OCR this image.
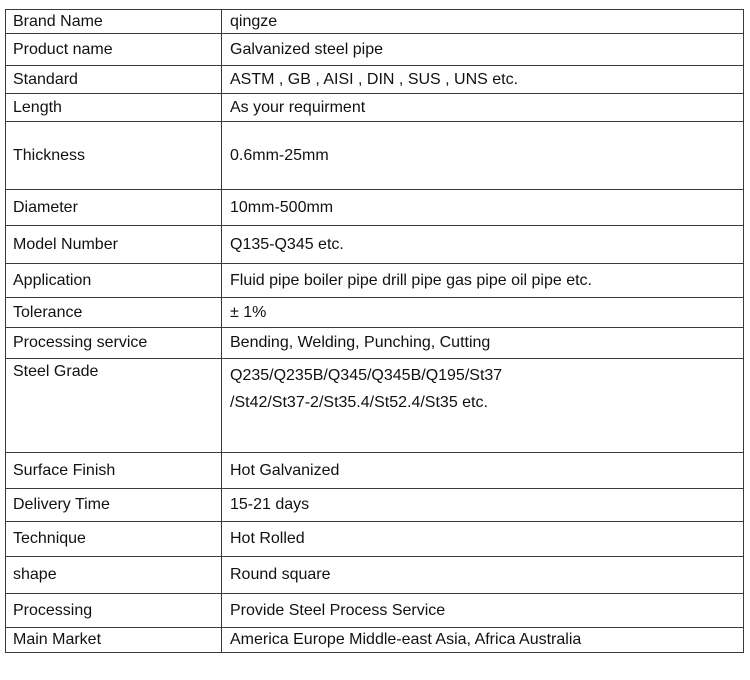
Brand Name	qingze
Product name	Galvanized steel pipe
Standard	ASTM , GB , AISI , DIN , SUS , UNS etc.
Length	As your requirment
Thickness	0.6mm-25mm
Diameter	10mm-500mm
Model Number	Q135-Q345 etc.
Application	Fluid pipe boiler pipe drill pipe gas pipe oil pipe etc.
Tolerance	± 1%
Processing service	Bending, Welding, Punching, Cutting
Steel Grade	Q235/Q235B/Q345/Q345B/Q195/St37
/St42/St37-2/St35.4/St52.4/St35 etc.

Surface Finish	Hot Galvanized
Delivery Time	15-21 days
Technique	Hot Rolled
shape	Round square
Processing	Provide Steel Process Service
Main Market	America Europe Middle-east Asia, Africa Australia
